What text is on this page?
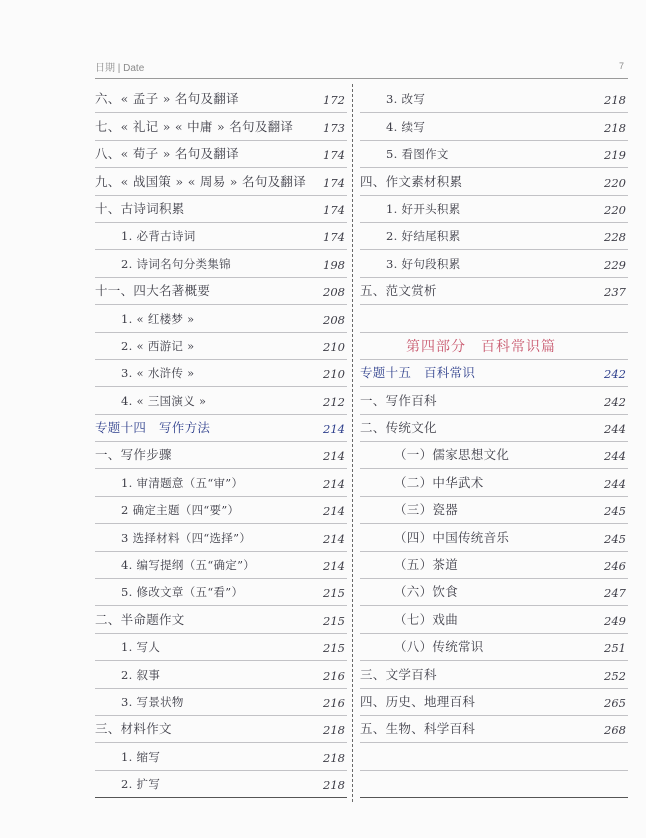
日期 | Date	7
六、« 孟子 » 名句及翻译	172
七、« 礼记 » « 中庸 » 名句及翻译	173
八、« 荀子 » 名句及翻译	174
九、« 战国策 » « 周易 » 名句及翻译 174
十、古诗词积累	174
1. 必背古诗词	174
2. 诗词名句分类集锦	198
十一、四大名著概要	208
1. « 红楼梦 »	208
2. « 西游记 »	210
3. « 水浒传 »	210
4. « 三国演义 »	212
专题十四　写作方法	214
一、写作步骤	214
1. 审清题意（五“审”）	214
2 确定主题（四“要”）	214
3 选择材料（四“选择”）	214
4. 编写提纲（五“确定”）	214
5. 修改文章（五“看”）	215
二、半命题作文	215
1. 写人	215
2. 叙事	216
3. 写景状物	216
三、材料作文	218
1. 缩写	218
2. 扩写	218
3. 改写	218
4. 续写	218
5. 看图作文	219
四、作文素材积累	220
1. 好开头积累	220
2. 好结尾积累	228
3. 好句段积累	229
五、范文赏析	237
第四部分　百科常识篇
专题十五　百科常识	242
一、写作百科	242
二、传统文化	244
（一）儒家思想文化	244
（二）中华武术	244
（三）瓷器	245
（四）中国传统音乐	245
（五）茶道	246
（六）饮食	247
（七）戏曲	249
（八）传统常识	251
三、文学百科	252
四、历史、地理百科	265
五、生物、科学百科	268
